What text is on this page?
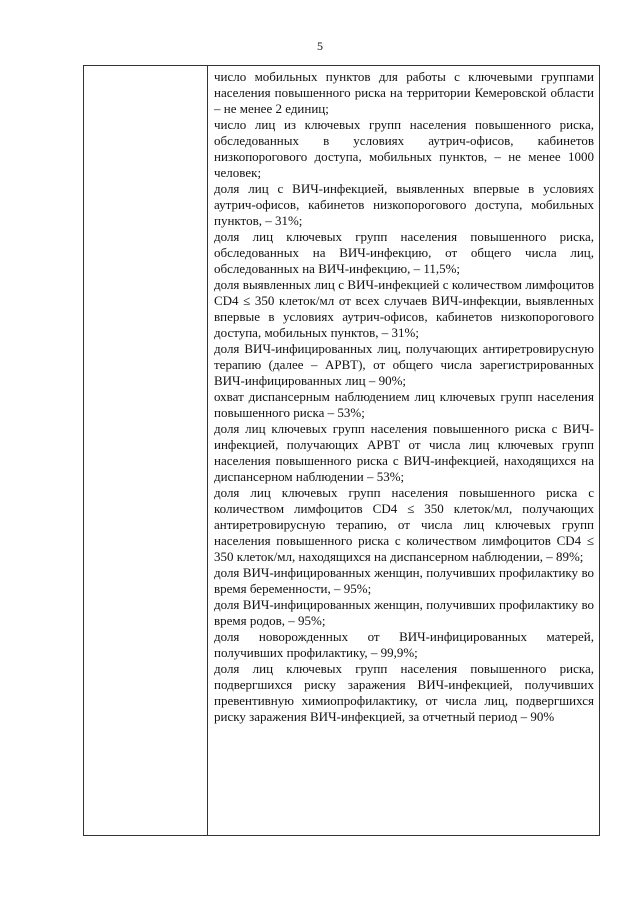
5

число мобильных пунктов для работы с ключевыми группами населения повышенного риска на территории Кемеровской области – не менее 2 единиц;

число лиц из ключевых групп населения повышенного риска, обследованных в условиях аутрич-офисов, кабинетов низкопорогового доступа, мобильных пунктов, – не менее 1000 человек;

доля лиц с ВИЧ-инфекцией, выявленных впервые в условиях аутрич-офисов, кабинетов низкопорогового доступа, мобильных пунктов, – 31%;

доля лиц ключевых групп населения повышенного риска, обследованных на ВИЧ-инфекцию, от общего числа лиц, обследованных на ВИЧ-инфекцию, – 11,5%;

доля выявленных лиц с ВИЧ-инфекцией с количеством лимфоцитов CD4 ≤ 350 клеток/мл от всех случаев ВИЧ-инфекции, выявленных впервые в условиях аутрич-офисов, кабинетов низкопорогового доступа, мобильных пунктов, – 31%;

доля ВИЧ-инфицированных лиц, получающих антиретровирусную терапию (далее – АРВТ), от общего числа зарегистрированных ВИЧ-инфицированных лиц – 90%;

охват диспансерным наблюдением лиц ключевых групп населения повышенного риска – 53%;

доля лиц ключевых групп населения повышенного риска с ВИЧ-инфекцией, получающих АРВТ от числа лиц ключевых групп населения повышенного риска с ВИЧ-инфекцией, находящихся на диспансерном наблюдении – 53%;

доля лиц ключевых групп населения повышенного риска с количеством лимфоцитов CD4 ≤ 350 клеток/мл, получающих антиретровирусную терапию, от числа лиц ключевых групп населения повышенного риска с количеством лимфоцитов CD4 ≤ 350 клеток/мл, находящихся на диспансерном наблюдении, – 89%;

доля ВИЧ-инфицированных женщин, получивших профилактику во время беременности, – 95%;

доля ВИЧ-инфицированных женщин, получивших профилактику во время родов, – 95%;

доля новорожденных от ВИЧ-инфицированных матерей, получивших профилактику, – 99,9%;

доля лиц ключевых групп населения повышенного риска, подвергшихся риску заражения ВИЧ-инфекцией, получивших превентивную химиопрофилактику, от числа лиц, подвергшихся риску заражения ВИЧ-инфекцией, за отчетный период – 90%
